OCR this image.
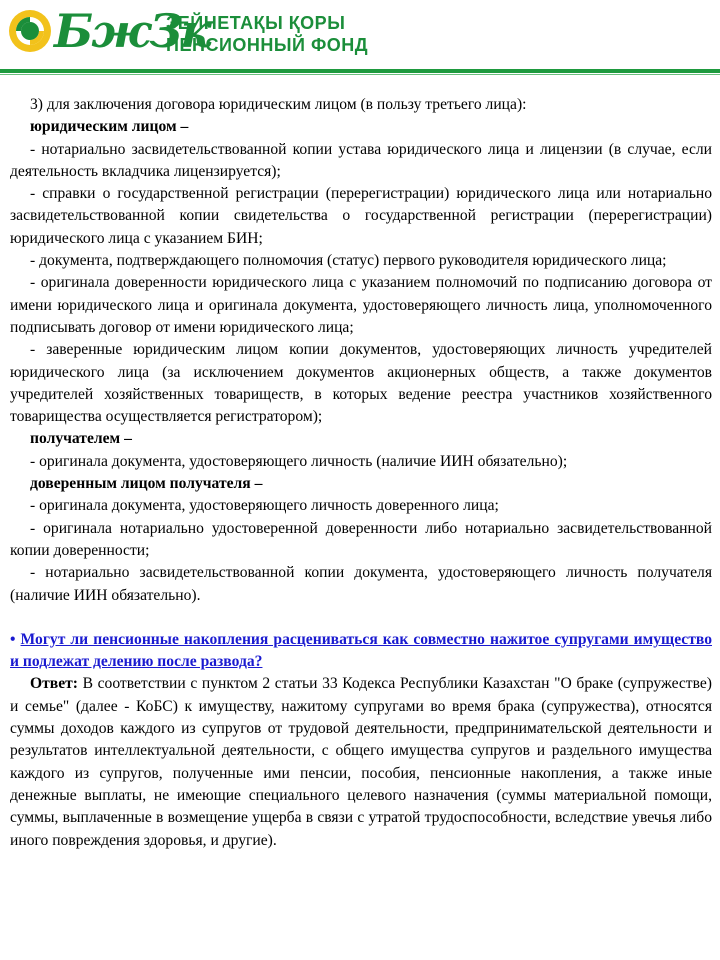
БжЗк
ЗЕЙНЕТАҚЫ ҚОРЫ
ПЕНСИОННЫЙ ФОНД

3) для заключения договора юридическим лицом (в пользу третьего лица):

юридическим лицом –

- нотариально засвидетельствованной копии устава юридического лица и лицензии (в случае, если деятельность вкладчика лицензируется);

- справки о государственной регистрации (перерегистрации) юридического лица или нотариально засвидетельствованной копии свидетельства о государственной регистрации (перерегистрации) юридического лица с указанием БИН;

- документа, подтверждающего полномочия (статус) первого руководителя юридического лица;

- оригинала доверенности юридического лица с указанием полномочий по подписанию договора от имени юридического лица и оригинала документа, удостоверяющего личность лица, уполномоченного подписывать договор от имени юридического лица;

- заверенные юридическим лицом копии документов, удостоверяющих личность учредителей юридического лица (за исключением документов акционерных обществ, а также документов учредителей хозяйственных товариществ, в которых ведение реестра участников хозяйственного товарищества осуществляется регистратором);

получателем –

- оригинала документа, удостоверяющего личность (наличие ИИН обязательно);

доверенным лицом получателя –

- оригинала документа, удостоверяющего личность доверенного лица;

- оригинала нотариально удостоверенной доверенности либо нотариально засвидетельствованной копии доверенности;

- нотариально засвидетельствованной копии документа, удостоверяющего личность получателя (наличие ИИН обязательно).

• Могут ли пенсионные накопления расцениваться как совместно нажитое супругами имущество и подлежат делению после развода?

Ответ: В соответствии с пунктом 2 статьи 33 Кодекса Республики Казахстан "О браке (супружестве) и семье" (далее - КоБС) к имуществу, нажитому супругами во время брака (супружества), относятся суммы доходов каждого из супругов от трудовой деятельности, предпринимательской деятельности и результатов интеллектуальной деятельности, с общего имущества супругов и раздельного имущества каждого из супругов, полученные ими пенсии, пособия, пенсионные накопления, а также иные денежные выплаты, не имеющие специального целевого назначения (суммы материальной помощи, суммы, выплаченные в возмещение ущерба в связи с утратой трудоспособности, вследствие увечья либо иного повреждения здоровья, и другие).
